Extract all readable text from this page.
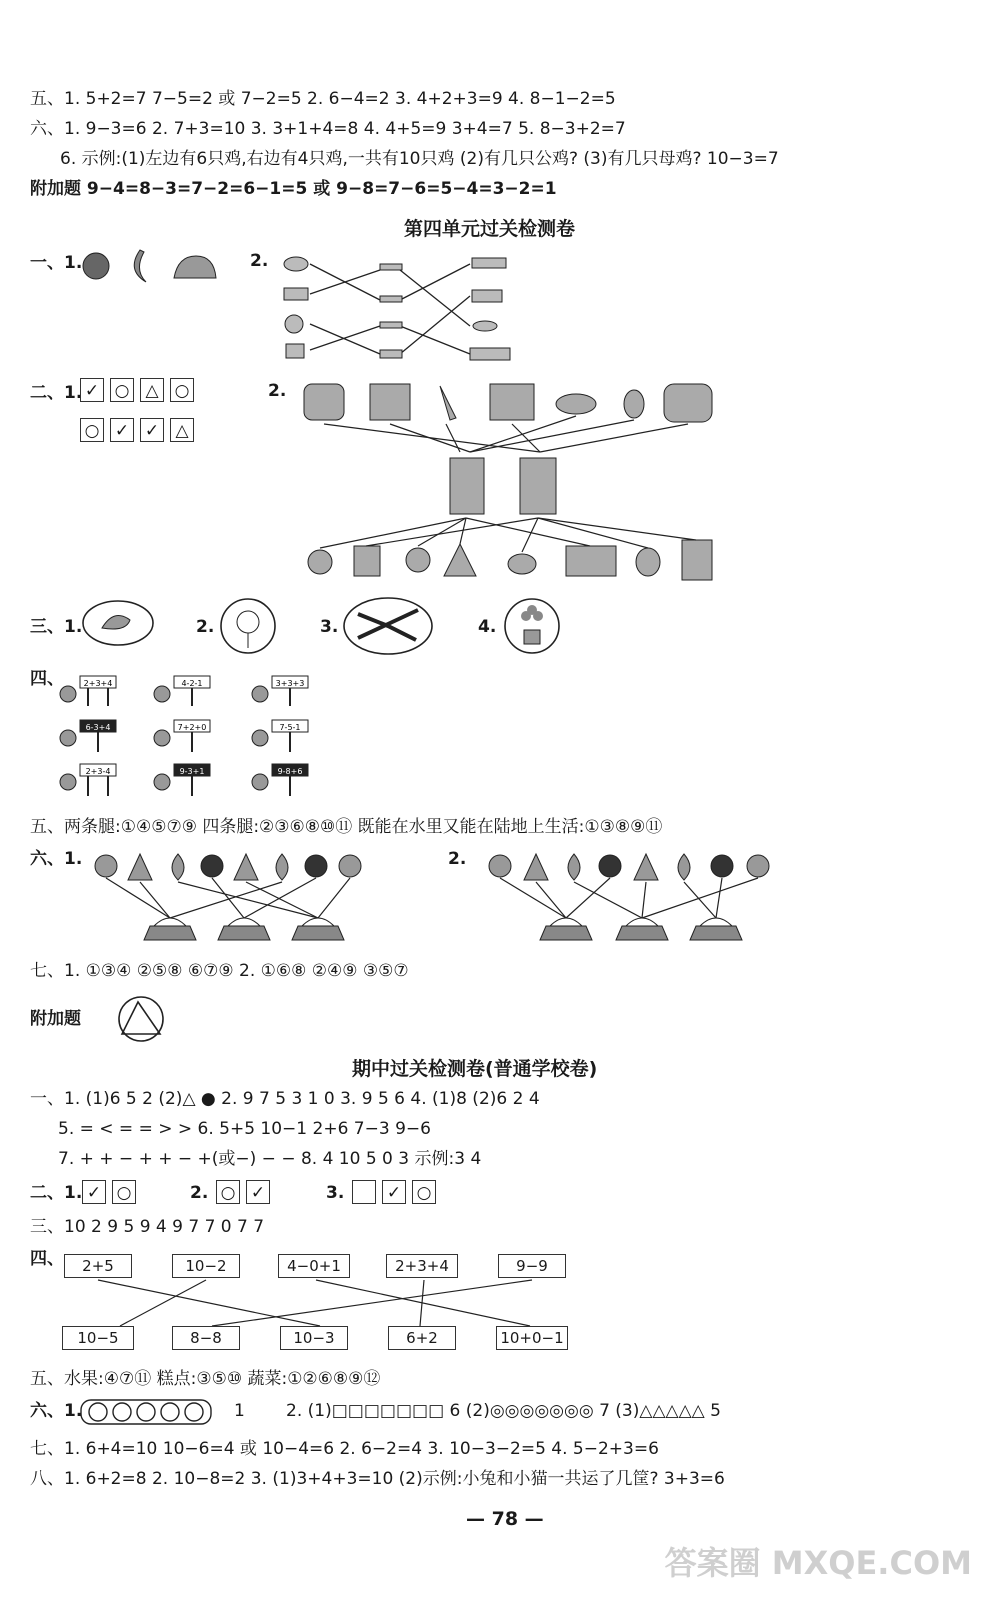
五、1. 5+2=7 7−5=2 或 7−2=5 2. 6−4=2 3. 4+2+3=9 4. 8−1−2=5
六、1. 9−3=6 2. 7+3=10 3. 3+1+4=8 4. 4+5=9 3+4=7 5. 8−3+2=7
6. 示例:(1)左边有6只鸡,右边有4只鸡,一共有10只鸡 (2)有几只公鸡? (3)有几只母鸡? 10−3=7
附加题 9−4=8−3=7−2=6−1=5 或 9−8=7−6=5−4=3−2=1
第四单元过关检测卷
一、1.	2.
二、1. ✓ ○ △ ○
○ ✓ ✓ △
2.
三、1.	2.	3.	4.
四、 2+3+4	4-2-1	3+3+3
6-3+4	7+2+0	7-5-1
2+3-4	9-3+1	9-8+6
五、两条腿:①④⑤⑦⑨ 四条腿:②③⑥⑧⑩⑪ 既能在水里又能在陆地上生活:①③⑧⑨⑪
六、1.	2.
七、1. ①③④ ②⑤⑧ ⑥⑦⑨ 2. ①⑥⑧ ②④⑨ ③⑤⑦
附加题
期中过关检测卷(普通学校卷)
一、1. (1)6 5 2 (2)△ ● 2. 9 7 5 3 1 0 3. 9 5 6 4. (1)8 (2)6 2 4
5. = < = = > > 6. 5+5 10−1 2+6 7−3 9−6
7. + + − + + − +(或−) − − 8. 4 10 5 0 3 示例:3 4
二、1. ✓ ○	2. ○ ✓	3.	✓ ○
三、10 2 9 5 9 4 9 7 7 0 7 7
四、	2+5	10−2	4−0+1	2+3+4	9−9
10−5	8−8	10−3	6+2	10+0−1
五、水果:④⑦⑪ 糕点:③⑤⑩ 蔬菜:①②⑥⑧⑨⑫
六、1.	1 2. (1)□□□□□□□ 6 (2)◎◎◎◎◎◎◎ 7 (3)△△△△△ 5
七、1. 6+4=10 10−6=4 或 10−4=6 2. 6−2=4 3. 10−3−2=5 4. 5−2+3=6
八、1. 6+2=8 2. 10−8=2 3. (1)3+4+3=10 (2)示例:小兔和小猫一共运了几筐? 3+3=6
— 78 —
答案圈 MXQE.COM
